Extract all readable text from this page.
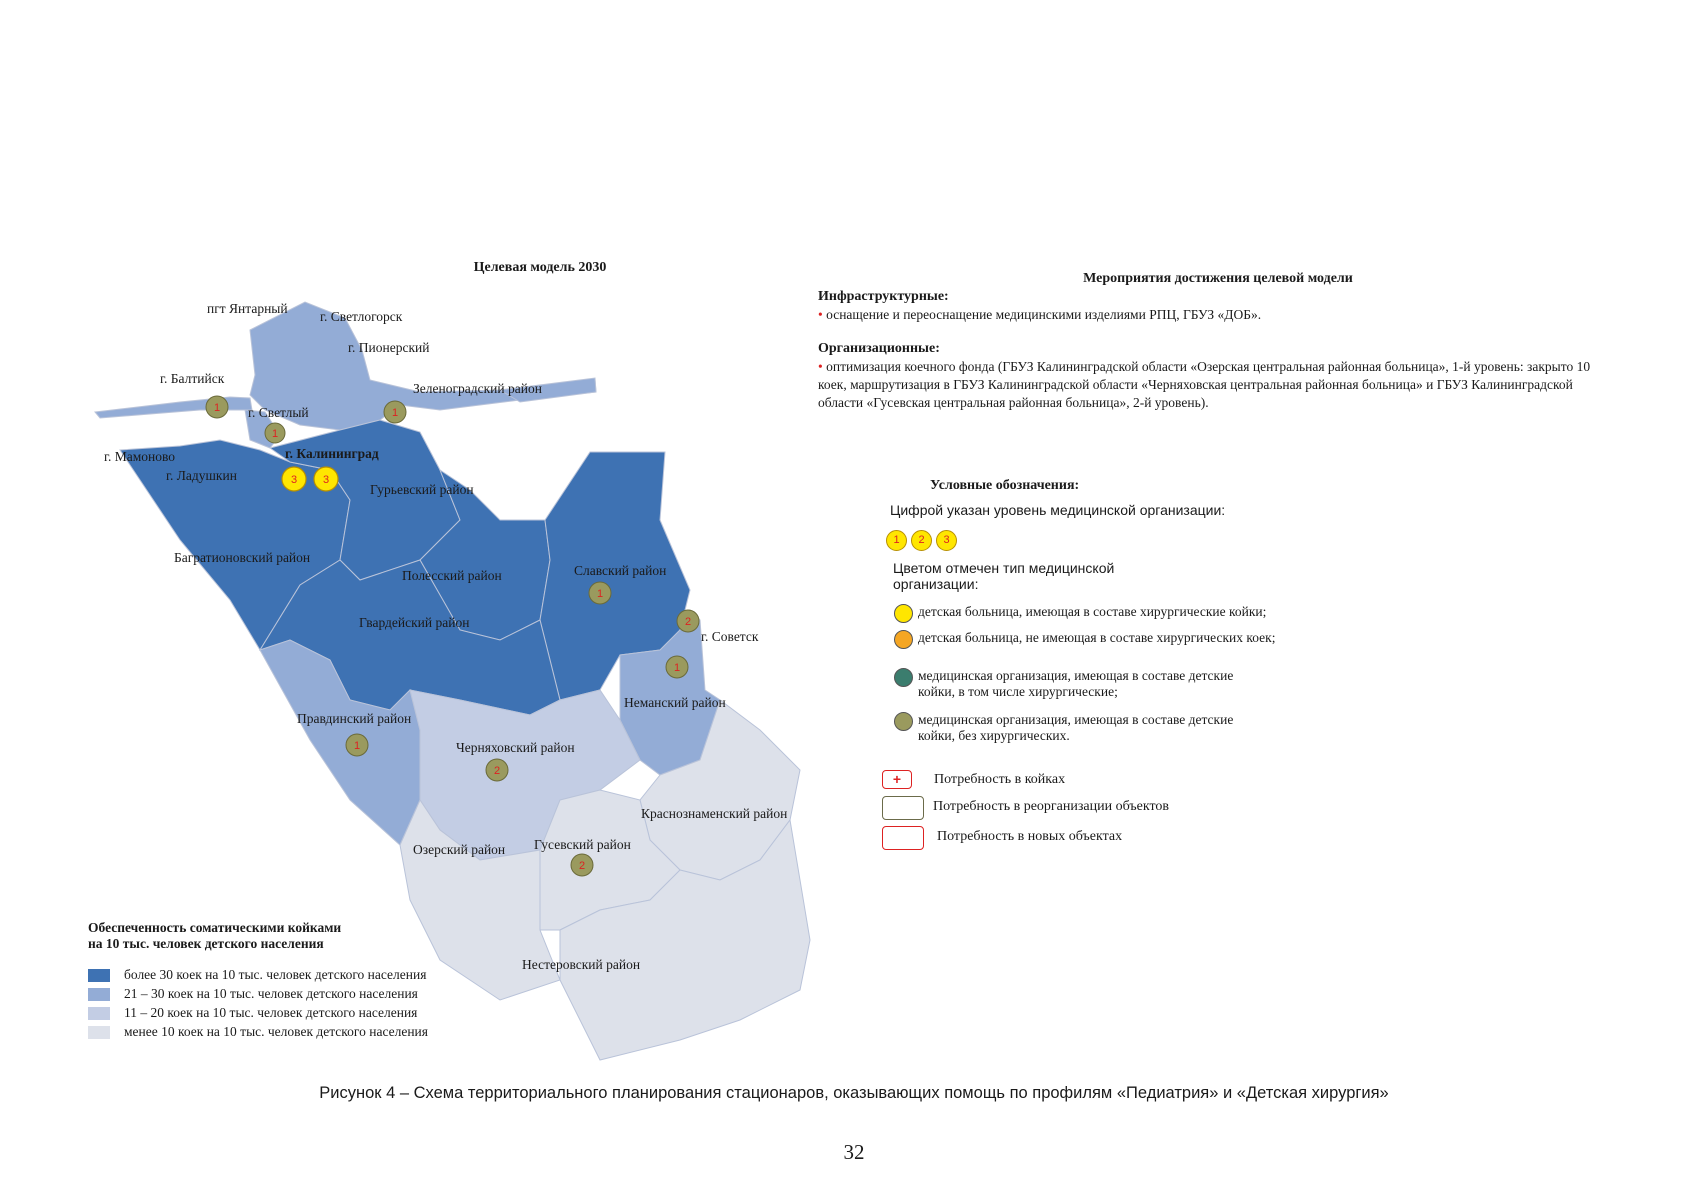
Целевая модель 2030
пгт Янтарный
г. Светлогорск
г. Пионерский
г. Балтийск
Зеленоградский район
г. Светлый
г. Мамоново	г. Калининград
г. Ладушкин
Гурьевский район
Багратионовский район
Полесский район	Славский район
г. Советск
Гвардейский район
Неманский район
Правдинский район
Черняховский район
Краснознаменский район
Озерский район Гусевский район
Нестеровский район
1
1
1
3 3
1
2
1
1
2
2
Обеспеченность соматическими койками
на 10 тыс. человек детского населения
более 30 коек на 10 тыс. человек детского населения
21 – 30 коек на 10 тыс. человек детского населения
11 – 20 коек на 10 тыс. человек детского населения
менее 10 коек на 10 тыс. человек детского населения
Мероприятия достижения целевой модели
Инфраструктурные:

• оснащение и переоснащение медицинскими изделиями РПЦ, ГБУЗ «ДОБ».

Организационные:

• оптимизация коечного фонда (ГБУЗ Калининградской области «Озерская центральная районная больница», 1-й уровень: закрыто 10 коек, маршрутизация в ГБУЗ Калининградской области «Черняховская центральная районная больница» и ГБУЗ Калининградской области «Гусевская центральная районная больница», 2-й уровень).

Условные обозначения:
Цифрой указан уровень медицинской организации:
1 2 3
Цветом отмечен тип медицинской организации:
детская больница, имеющая в составе хирургические койки;
детская больница, не имеющая в составе хирургических коек;
медицинская организация, имеющая в составе детские койки, в том числе хирургические;
медицинская организация, имеющая в составе детские койки, без хирургических.
+	Потребность в койках
Потребность в реорганизации объектов
Потребность в новых объектах
Рисунок 4 – Схема территориального планирования стационаров, оказывающих помощь по профилям «Педиатрия» и «Детская хирургия»
32
